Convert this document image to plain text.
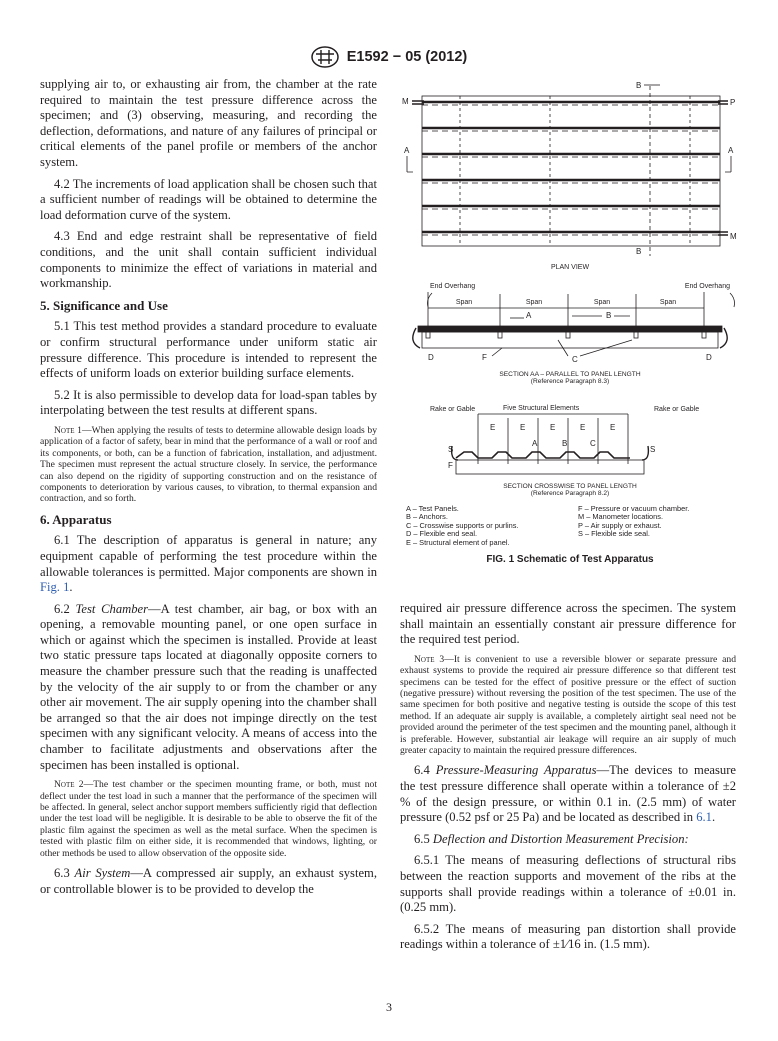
E1592 − 05 (2012)

supplying air to, or exhausting air from, the chamber at the rate required to maintain the test pressure difference across the specimen; and (3) observing, measuring, and recording the deflection, deformations, and nature of any failures of principal or critical elements of the panel profile or members of the anchor system.

4.2 The increments of load application shall be chosen such that a sufficient number of readings will be obtained to determine the load deformation curve of the system.

4.3 End and edge restraint shall be representative of field conditions, and the unit shall contain sufficient individual components to minimize the effect of variations in material and workmanship.

5. Significance and Use

5.1 This test method provides a standard procedure to evaluate or confirm structural performance under uniform static air pressure difference. This procedure is intended to represent the effects of uniform loads on exterior building surface elements.

5.2 It is also permissible to develop data for load-span tables by interpolating between the test results at different spans.

Note 1—When applying the results of tests to determine allowable design loads by application of a factor of safety, bear in mind that the performance of a wall or roof and its components, or both, can be a function of fabrication, installation, and adjustment. The specimen must represent the actual structure closely. In service, the performance can also depend on the rigidity of supporting construction and on the resistance of components to deterioration by various causes, to vibration, to thermal expansion and contraction, and so forth.
6. Apparatus

6.1 The description of apparatus is general in nature; any equipment capable of performing the test procedure within the allowable tolerances is permitted. Major components are shown in Fig. 1.

6.2 Test Chamber—A test chamber, air bag, or box with an opening, a removable mounting panel, or one open surface in which or against which the specimen is installed. Provide at least two static pressure taps located at diagonally opposite corners to measure the chamber pressure such that the reading is unaffected by the velocity of the air supply to or from the chamber or any other air movement. The air supply opening into the chamber shall be arranged so that the air does not impinge directly on the test specimen with any significant velocity. A means of access into the chamber to facilitate adjustments and observations after the specimen has been installed is optional.

Note 2—The test chamber or the specimen mounting frame, or both, must not deflect under the test load in such a manner that the performance of the specimen will be affected. In general, select anchor support members sufficiently rigid that deflection under the test load will be negligible. It is desirable to be able to observe the fit of the plastic film against the specimen as well as the metal surface. When the specimen is tested with plastic film on either side, it is recommended that windows, lighting, or other methods be used to allow observation of the opposite side.

6.3 Air System—A compressed air supply, an exhaust system, or controllable blower is to be provided to develop the

B
B
M	P
M
A	A
PLAN VIEW
End Overhang	End Overhang
Span	Span	Span	Span
A	B
D	D
F	C
SECTION AA – PARALLEL TO PANEL LENGTH
(Reference Paragraph 8.3)
Rake or Gable	Five Structural Elements	Rake or Gable
E	E	E	E	E
A	B	C
S	S
F
SECTION CROSSWISE TO PANEL LENGTH
(Reference Paragraph 8.2)
A – Test Panels.
B – Anchors.
C – Crosswise supports or purlins.
D – Flexible end seal.
E – Structural element of panel.
F – Pressure or vacuum chamber.
M – Manometer locations.
P – Air supply or exhaust.
S – Flexible side seal.
FIG. 1 Schematic of Test Apparatus

required air pressure difference across the specimen. The system shall maintain an essentially constant air pressure difference for the required test period.

Note 3—It is convenient to use a reversible blower or separate pressure and exhaust systems to provide the required air pressure difference so that different test specimens can be tested for the effect of positive pressure or the effect of suction (negative pressure) without reversing the position of the test specimen. The use of the same specimen for both positive and negative testing is outside the scope of this test method. If an adequate air supply is available, a completely airtight seal need not be provided around the perimeter of the test specimen and the mounting panel, although it is preferable. However, substantial air leakage will require an air supply of much greater capacity to maintain the required pressure differences.

6.4 Pressure-Measuring Apparatus—The devices to measure the test pressure difference shall operate within a tolerance of ±2 % of the design pressure, or within 0.1 in. (2.5 mm) of water pressure (0.52 psf or 25 Pa) and be located as described in 6.1.

6.5 Deflection and Distortion Measurement Precision:

6.5.1 The means of measuring deflections of structural ribs between the reaction supports and movement of the ribs at the supports shall provide readings within a tolerance of ±0.01 in. (0.25 mm).

6.5.2 The means of measuring pan distortion shall provide readings within a tolerance of ±1⁄16 in. (1.5 mm).

3
